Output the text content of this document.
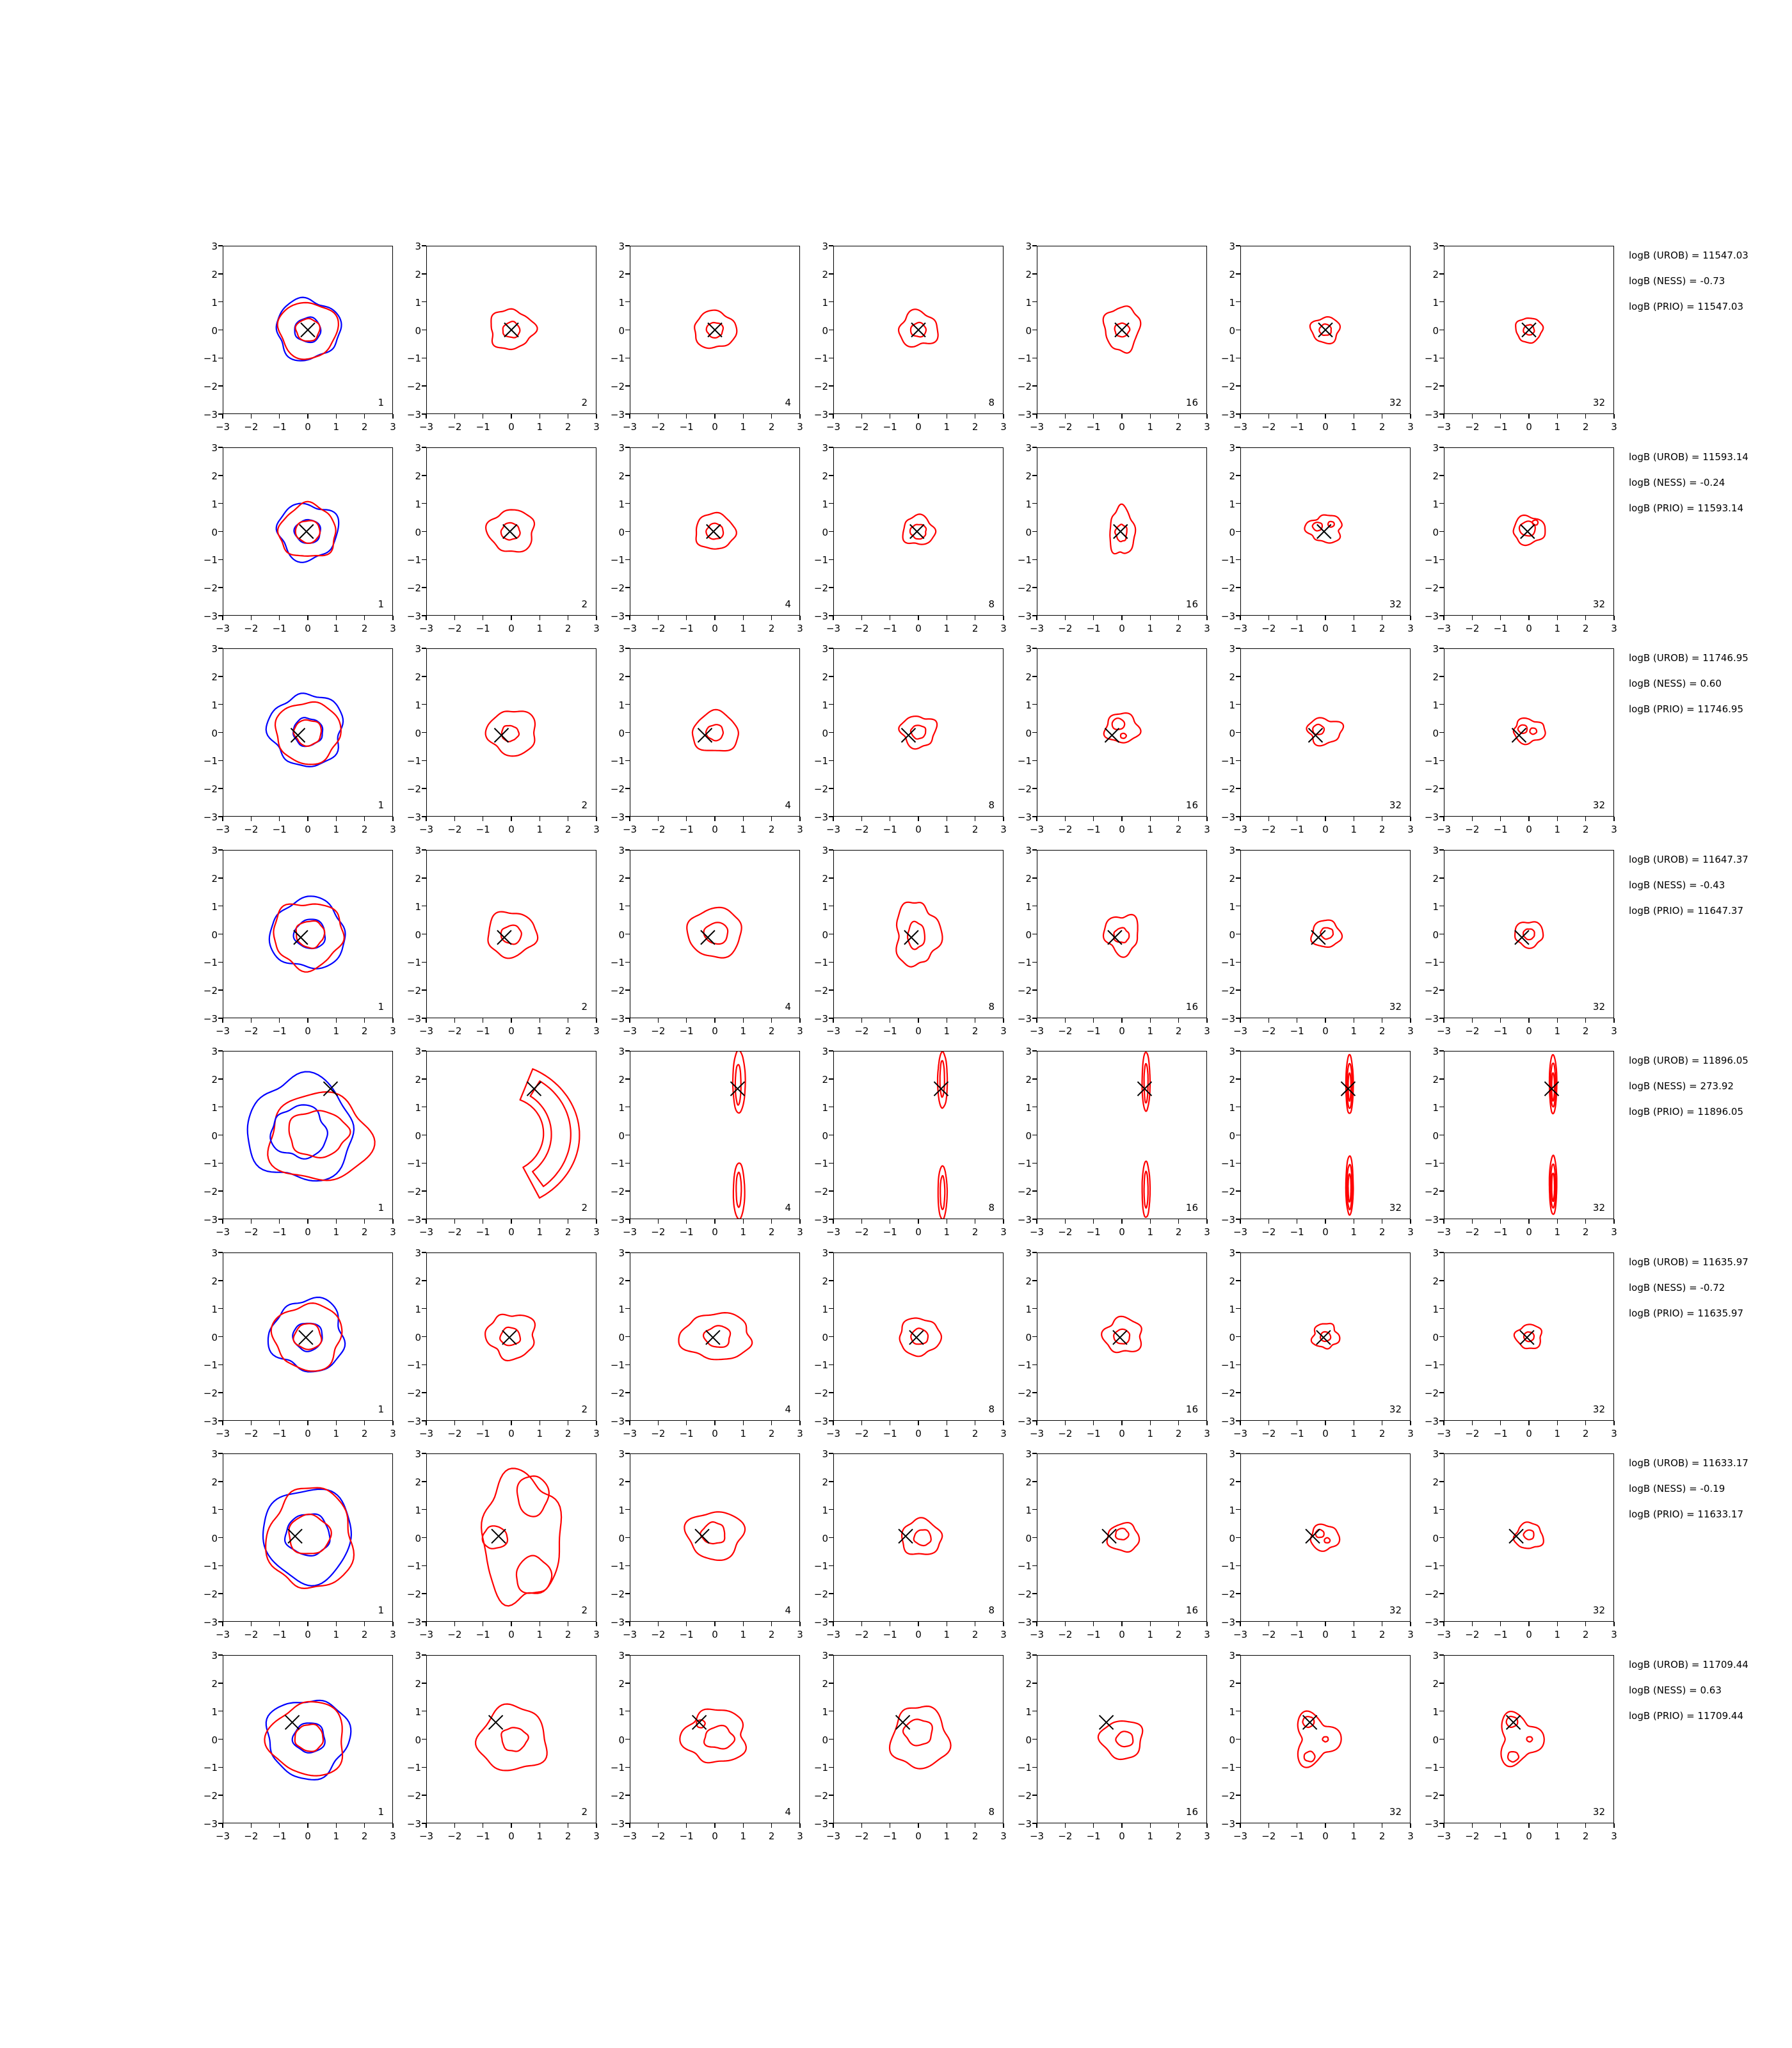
−3	−2	−1	0	1	2	3
−3
−2
−1
0
1
2
3
1
−3	−2	−1	0	1	2	3
−3
−2
−1
0
1
2
3
2
−3	−2	−1	0	1	2	3
−3
−2
−1
0
1
2
3
4
−3	−2	−1	0	1	2	3
−3
−2
−1
0
1
2
3
8
−3	−2	−1	0	1	2	3
−3
−2
−1
0
1
2
3
16
−3	−2	−1	0	1	2	3
−3
−2
−1
0
1
2
3
32
−3	−2	−1	0	1	2	3
−3
−2
−1
0
1
2
3
32
−3	−2	−1	0	1	2	3
−3
−2
−1
0
1
2
3
1
−3	−2	−1	0	1	2	3
−3
−2
−1
0
1
2
3
2
−3	−2	−1	0	1	2	3
−3
−2
−1
0
1
2
3
4
−3	−2	−1	0	1	2	3
−3
−2
−1
0
1
2
3
8
−3	−2	−1	0	1	2	3
−3
−2
−1
0
1
2
3
16
−3	−2	−1	0	1	2	3
−3
−2
−1
0
1
2
3
32
−3	−2	−1	0	1	2	3
−3
−2
−1
0
1
2
3
32
−3	−2	−1	0	1	2	3
−3
−2
−1
0
1
2
3
1
−3	−2	−1	0	1	2	3
−3
−2
−1
0
1
2
3
2
−3	−2	−1	0	1	2	3
−3
−2
−1
0
1
2
3
4
−3	−2	−1	0	1	2	3
−3
−2
−1
0
1
2
3
8
−3	−2	−1	0	1	2	3
−3
−2
−1
0
1
2
3
16
−3	−2	−1	0	1	2	3
−3
−2
−1
0
1
2
3
32
−3	−2	−1	0	1	2	3
−3
−2
−1
0
1
2
3
32
−3	−2	−1	0	1	2	3
−3
−2
−1
0
1
2
3
1
−3	−2	−1	0	1	2	3
−3
−2
−1
0
1
2
3
2
−3	−2	−1	0	1	2	3
−3
−2
−1
0
1
2
3
4
−3	−2	−1	0	1	2	3
−3
−2
−1
0
1
2
3
8
−3	−2	−1	0	1	2	3
−3
−2
−1
0
1
2
3
16
−3	−2	−1	0	1	2	3
−3
−2
−1
0
1
2
3
32
−3	−2	−1	0	1	2	3
−3
−2
−1
0
1
2
3
32
−3	−2	−1	0	1	2	3
−3
−2
−1
0
1
2
3
1
−3	−2	−1	0	1	2	3
−3
−2
−1
0
1
2
3
2
−3	−2	−1	0	1	2	3
−3
−2
−1
0
1
2
3
4
−3	−2	−1	0	1	2	3
−3
−2
−1
0
1
2
3
8
−3	−2	−1	0	1	2	3
−3
−2
−1
0
1
2
3
16
−3	−2	−1	0	1	2	3
−3
−2
−1
0
1
2
3
32
−3	−2	−1	0	1	2	3
−3
−2
−1
0
1
2
3
32
−3	−2	−1	0	1	2	3
−3
−2
−1
0
1
2
3
1
−3	−2	−1	0	1	2	3
−3
−2
−1
0
1
2
3
2
−3	−2	−1	0	1	2	3
−3
−2
−1
0
1
2
3
4
−3	−2	−1	0	1	2	3
−3
−2
−1
0
1
2
3
8
−3	−2	−1	0	1	2	3
−3
−2
−1
0
1
2
3
16
−3	−2	−1	0	1	2	3
−3
−2
−1
0
1
2
3
32
−3	−2	−1	0	1	2	3
−3
−2
−1
0
1
2
3
32
−3	−2	−1	0	1	2	3
−3
−2
−1
0
1
2
3
1
−3	−2	−1	0	1	2	3
−3
−2
−1
0
1
2
3
2
−3	−2	−1	0	1	2	3
−3
−2
−1
0
1
2
3
4
−3	−2	−1	0	1	2	3
−3
−2
−1
0
1
2
3
8
−3	−2	−1	0	1	2	3
−3
−2
−1
0
1
2
3
16
−3	−2	−1	0	1	2	3
−3
−2
−1
0
1
2
3
32
−3	−2	−1	0	1	2	3
−3
−2
−1
0
1
2
3
32
−3	−2	−1	0	1	2	3
−3
−2
−1
0
1
2
3
1
−3	−2	−1	0	1	2	3
−3
−2
−1
0
1
2
3
2
−3	−2	−1	0	1	2	3
−3
−2
−1
0
1
2
3
4
−3	−2	−1	0	1	2	3
−3
−2
−1
0
1
2
3
8
−3	−2	−1	0	1	2	3
−3
−2
−1
0
1
2
3
16
−3	−2	−1	0	1	2	3
−3
−2
−1
0
1
2
3
32
−3	−2	−1	0	1	2	3
−3
−2
−1
0
1
2
3
32

logB (UROB) = 11547.03

logB (NESS) = -0.73

logB (PRIO) = 11547.03

logB (UROB) = 11593.14

logB (NESS) = -0.24

logB (PRIO) = 11593.14

logB (UROB) = 11746.95

logB (NESS) = 0.60

logB (PRIO) = 11746.95

logB (UROB) = 11647.37

logB (NESS) = -0.43

logB (PRIO) = 11647.37

logB (UROB) = 11896.05

logB (NESS) = 273.92

logB (PRIO) = 11896.05

logB (UROB) = 11635.97

logB (NESS) = -0.72

logB (PRIO) = 11635.97

logB (UROB) = 11633.17

logB (NESS) = -0.19

logB (PRIO) = 11633.17

logB (UROB) = 11709.44

logB (NESS) = 0.63

logB (PRIO) = 11709.44
